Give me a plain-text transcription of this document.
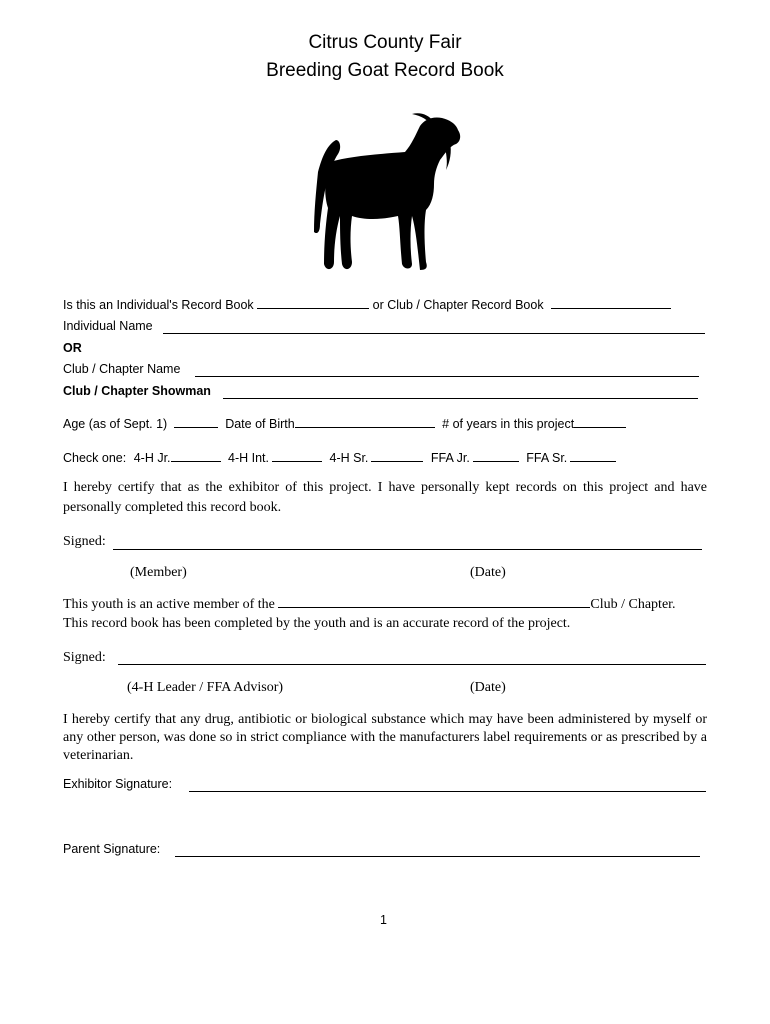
Citrus County Fair
Breeding Goat Record Book
Is this an Individual's Record Book	or Club / Chapter Record Book
Individual Name
OR
Club / Chapter Name
Club / Chapter Showman
Age (as of Sept. 1)	Date of Birth	# of years in this project
Check one: 4-H Jr.	4-H Int.	4-H Sr.	FFA Jr.	FFA Sr.
I hereby certify that as the exhibitor of this project. I have personally kept records on this project and have personally completed this record book.
Signed:
(Member)	(Date)
This youth is an active member of the	Club / Chapter.
This record book has been completed by the youth and is an accurate record of the project.
Signed:
(4-H Leader / FFA Advisor)	(Date)
I hereby certify that any drug, antibiotic or biological substance which may have been administered by myself or any other person, was done so in strict compliance with the manufacturers label requirements or as prescribed by a veterinarian.
Exhibitor Signature:
Parent Signature:
1
